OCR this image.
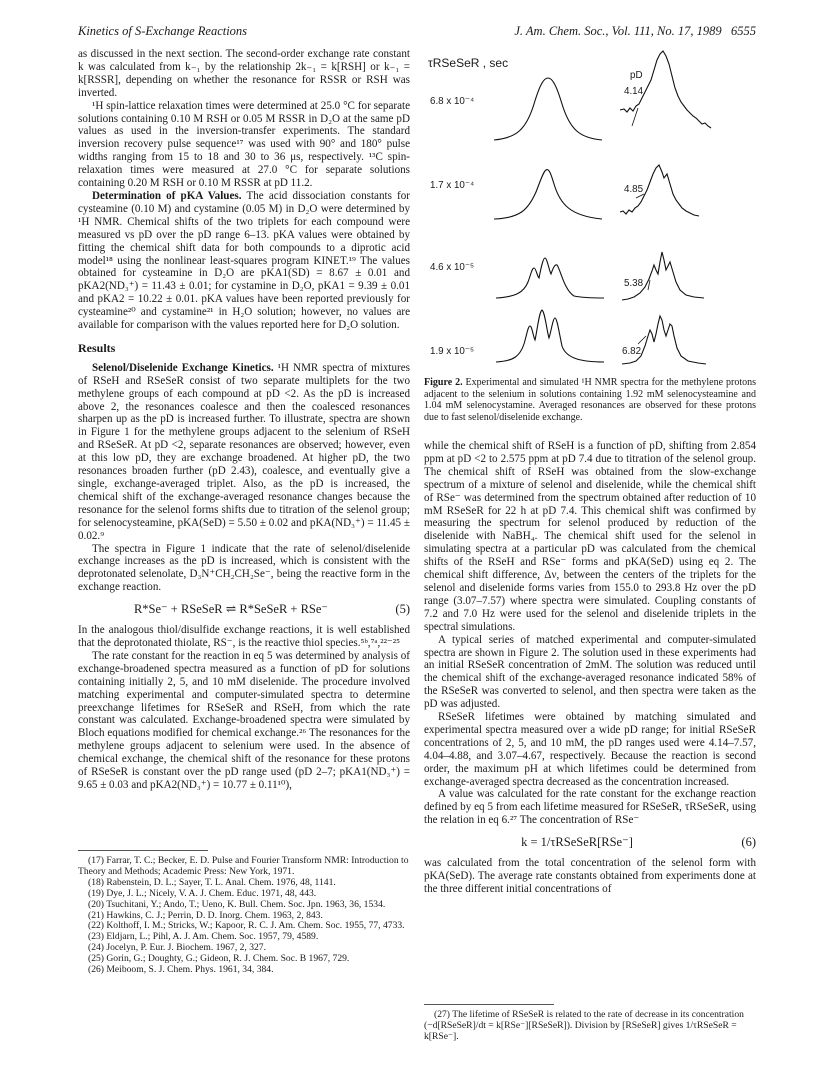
Kinetics of S-Exchange Reactions	J. Am. Chem. Soc., Vol. 111, No. 17, 1989 6555

as discussed in the next section. The second-order exchange rate constant k was calculated from k₋₁ by the relationship 2k₋₁ = k[RSH] or k₋₁ = k[RSSR], depending on whether the resonance for RSSR or RSH was inverted.

¹H spin-lattice relaxation times were determined at 25.0 °C for separate solutions containing 0.10 M RSH or 0.05 M RSSR in D₂O at the same pD values as used in the inversion-transfer experiments. The standard inversion recovery pulse sequence¹⁷ was used with 90° and 180° pulse widths ranging from 15 to 18 and 30 to 36 μs, respectively. ¹³C spin-relaxation times were measured at 27.0 °C for separate solutions containing 0.20 M RSH or 0.10 M RSSR at pD 11.2.

Determination of pKA Values. The acid dissociation constants for cysteamine (0.10 M) and cystamine (0.05 M) in D₂O were determined by ¹H NMR. Chemical shifts of the two triplets for each compound were measured vs pD over the pD range 6–13. pKA values were obtained by fitting the chemical shift data for both compounds to a diprotic acid model¹⁸ using the nonlinear least-squares program KINET.¹⁹ The values obtained for cysteamine in D₂O are pKA1(SD) = 8.67 ± 0.01 and pKA2(ND₃⁺) = 11.43 ± 0.01; for cystamine in D₂O, pKA1 = 9.39 ± 0.01 and pKA2 = 10.22 ± 0.01. pKA values have been reported previously for cysteamine²⁰ and cystamine²¹ in H₂O solution; however, no values are available for comparison with the values reported here for D₂O solution.

Results

Selenol/Diselenide Exchange Kinetics. ¹H NMR spectra of mixtures of RSeH and RSeSeR consist of two separate multiplets for the two methylene groups of each compound at pD <2. As the pD is increased above 2, the resonances coalesce and then the coalesced resonances sharpen up as the pD is increased further. To illustrate, spectra are shown in Figure 1 for the methylene groups adjacent to the selenium of RSeH and RSeSeR. At pD <2, separate resonances are observed; however, even at this low pD, they are exchange broadened. At higher pD, the two resonances broaden further (pD 2.43), coalesce, and eventually give a single, exchange-averaged triplet. Also, as the pD is increased, the chemical shift of the exchange-averaged resonance changes because the resonance for the selenol forms shifts due to titration of the selenol group; for selenocysteamine, pKA(SeD) = 5.50 ± 0.02 and pKA(ND₃⁺) = 11.45 ± 0.02.⁹

The spectra in Figure 1 indicate that the rate of selenol/diselenide exchange increases as the pD is increased, which is consistent with the deprotonated selenolate, D₃N⁺CH₂CH₂Se⁻, being the reactive form in the exchange reaction.

R*Se⁻ + RSeSeR ⇌ R*SeSeR + RSe⁻	(5)

In the analogous thiol/disulfide exchange reactions, it is well established that the deprotonated thiolate, RS⁻, is the reactive thiol species.⁵ᵇ,⁷ᵃ,²²⁻²⁵

The rate constant for the reaction in eq 5 was determined by analysis of exchange-broadened spectra measured as a function of pD for solutions containing initially 2, 5, and 10 mM diselenide. The procedure involved matching experimental and computer-simulated spectra to determine preexchange lifetimes for RSeSeR and RSeH, from which the rate constant was calculated. Exchange-broadened spectra were simulated by Bloch equations modified for chemical exchange.²⁶ The resonances for the methylene groups adjacent to selenium were used. In the absence of chemical exchange, the chemical shift of the resonance for these protons of RSeSeR is constant over the pD range used (pD 2–7; pKA1(ND₃⁺) = 9.65 ± 0.03 and pKA2(ND₃⁺) = 10.77 ± 0.11¹⁰),

(17) Farrar, T. C.; Becker, E. D. Pulse and Fourier Transform NMR: Introduction to Theory and Methods; Academic Press: New York, 1971.
(18) Rabenstein, D. L.; Sayer, T. L. Anal. Chem. 1976, 48, 1141.
(19) Dye, J. L.; Nicely, V. A. J. Chem. Educ. 1971, 48, 443.
(20) Tsuchitani, Y.; Ando, T.; Ueno, K. Bull. Chem. Soc. Jpn. 1963, 36, 1534.
(21) Hawkins, C. J.; Perrin, D. D. Inorg. Chem. 1963, 2, 843.
(22) Kolthoff, I. M.; Stricks, W.; Kapoor, R. C. J. Am. Chem. Soc. 1955, 77, 4733.
(23) Eldjarn, L.; Pihl, A. J. Am. Chem. Soc. 1957, 79, 4589.
(24) Jocelyn, P. Eur. J. Biochem. 1967, 2, 327.
(25) Gorin, G.; Doughty, G.; Gideon, R. J. Chem. Soc. B 1967, 729.
(26) Meiboom, S. J. Chem. Phys. 1961, 34, 384.
τRSeSeR , sec
pD
6.8 x 10⁻⁴
4.14
1.7 x 10⁻⁴	4.85
4.6 x 10⁻⁵
5.38
1.9 x 10⁻⁵	6.82
Figure 2. Experimental and simulated ¹H NMR spectra for the methylene protons adjacent to the selenium in solutions containing 1.92 mM selenocysteamine and 1.04 mM selenocystamine. Averaged resonances are observed for these protons due to fast selenol/diselenide exchange.

while the chemical shift of RSeH is a function of pD, shifting from 2.854 ppm at pD <2 to 2.575 ppm at pD 7.4 due to titration of the selenol group. The chemical shift of RSeH was obtained from the slow-exchange spectrum of a mixture of selenol and diselenide, while the chemical shift of RSe⁻ was determined from the spectrum obtained after reduction of 10 mM RSeSeR for 22 h at pD 7.4. This chemical shift was confirmed by measuring the spectrum for selenol produced by reduction of the diselenide with NaBH₄. The chemical shift used for the selenol in simulating spectra at a particular pD was calculated from the chemical shifts of the RSeH and RSe⁻ forms and pKA(SeD) using eq 2. The chemical shift difference, Δν, between the centers of the triplets for the selenol and diselenide forms varies from 155.0 to 293.8 Hz over the pD range (3.07–7.57) where spectra were simulated. Coupling constants of 7.2 and 7.0 Hz were used for the selenol and diselenide triplets in the spectral simulations.

A typical series of matched experimental and computer-simulated spectra are shown in Figure 2. The solution used in these experiments had an initial RSeSeR concentration of 2mM. The solution was reduced until the chemical shift of the exchange-averaged resonance indicated 58% of the RSeSeR was converted to selenol, and then spectra were taken as the pD was adjusted.

RSeSeR lifetimes were obtained by matching simulated and experimental spectra measured over a wide pD range; for initial RSeSeR concentrations of 2, 5, and 10 mM, the pD ranges used were 4.14–7.57, 4.04–4.88, and 3.07–4.67, respectively. Because the reaction is second order, the maximum pH at which lifetimes could be determined from exchange-averaged spectra decreased as the concentration increased.

A value was calculated for the rate constant for the exchange reaction defined by eq 5 from each lifetime measured for RSeSeR, τRSeSeR, using the relation in eq 6.²⁷ The concentration of RSe⁻

k = 1/τRSeSeR[RSe⁻]	(6)

was calculated from the total concentration of the selenol form with pKA(SeD). The average rate constants obtained from experiments done at the three different initial concentrations of

(27) The lifetime of RSeSeR is related to the rate of decrease in its concentration (−d[RSeSeR]/dt = k[RSe⁻][RSeSeR]). Division by [RSeSeR] gives 1/τRSeSeR = k[RSe⁻].
